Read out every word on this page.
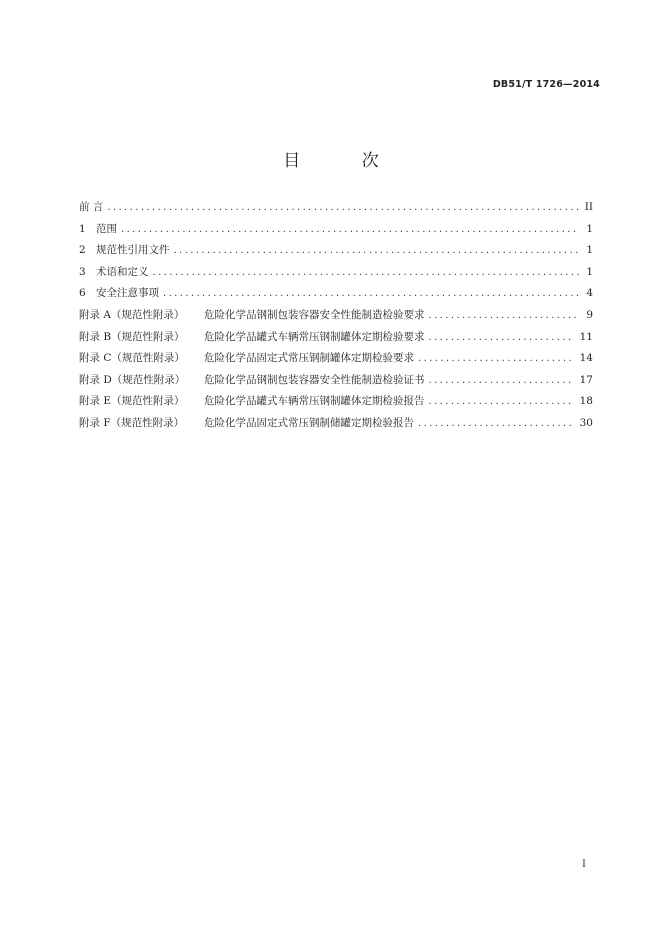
DB51/T 1726—2014
目 次
前 言 .....	II
1 范围 .....	1
2 规范性引用文件 .....	1
3 术语和定义 .....	1
6 安全注意事项 .....	4
附录 A（规范性附录） 危险化学品钢制包装容器安全性能制造检验要求 .....	9
附录 B（规范性附录） 危险化学品罐式车辆常压钢制罐体定期检验要求 .....	11
附录 C（规范性附录） 危险化学品固定式常压钢制罐体定期检验要求 .....	14
附录 D（规范性附录） 危险化学品钢制包装容器安全性能制造检验证书 .....	17
附录 E（规范性附录） 危险化学品罐式车辆常压钢制罐体定期检验报告 .....	18
附录 F（规范性附录） 危险化学品固定式常压钢制储罐定期检验报告 .....	30
I
